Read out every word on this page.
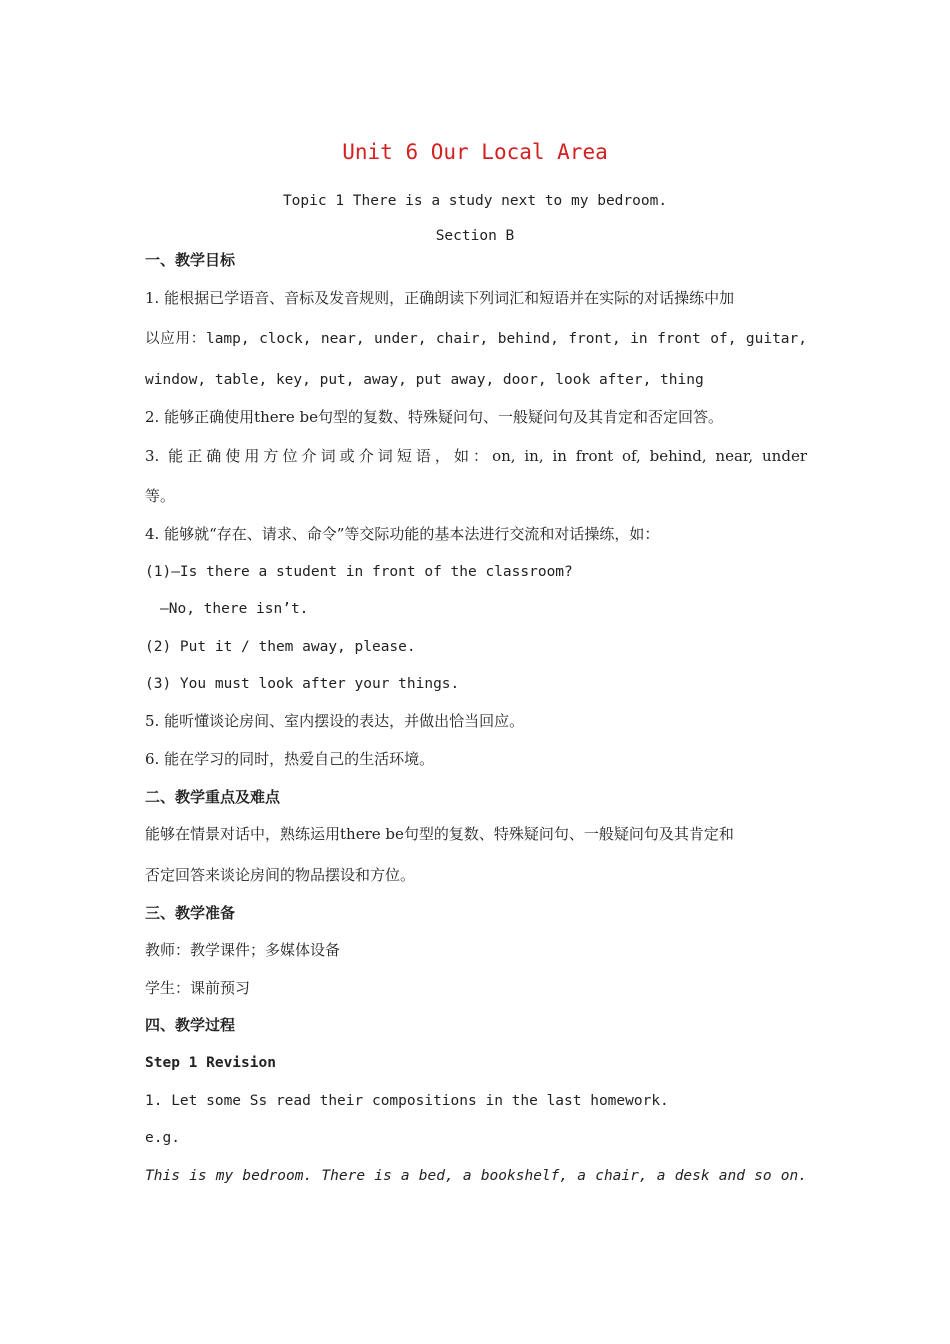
Unit 6 Our Local Area
Topic 1 There is a study next to my bedroom.
Section B
一、教学目标
1. 能根据已学语音、音标及发音规则，正确朗读下列词汇和短语并在实际的对话操练中加
以应用：lamp, clock, near, under, chair, behind, front, in front of, guitar,
window, table, key, put, away, put away, door, look after, thing
2. 能够正确使用there be句型的复数、特殊疑问句、一般疑问句及其肯定和否定回答。
3. 能正确使用方位介词或介词短语，如：on, in, in front of, behind, near, under
等。
4. 能够就“存在、请求、命令”等交际功能的基本法进行交流和对话操练，如：
(1)—Is there a student in front of the classroom?
—No, there isn’t.
(2) Put it / them away, please.
(3) You must look after your things.
5. 能听懂谈论房间、室内摆设的表达，并做出恰当回应。
6. 能在学习的同时，热爱自己的生活环境。
二、教学重点及难点
能够在情景对话中，熟练运用there be句型的复数、特殊疑问句、一般疑问句及其肯定和
否定回答来谈论房间的物品摆设和方位。
三、教学准备
教师：教学课件；多媒体设备
学生：课前预习
四、教学过程
Step 1 Revision
1. Let some Ss read their compositions in the last homework.
e.g.
This is my bedroom. There is a bed, a bookshelf, a chair, a desk and so on.
